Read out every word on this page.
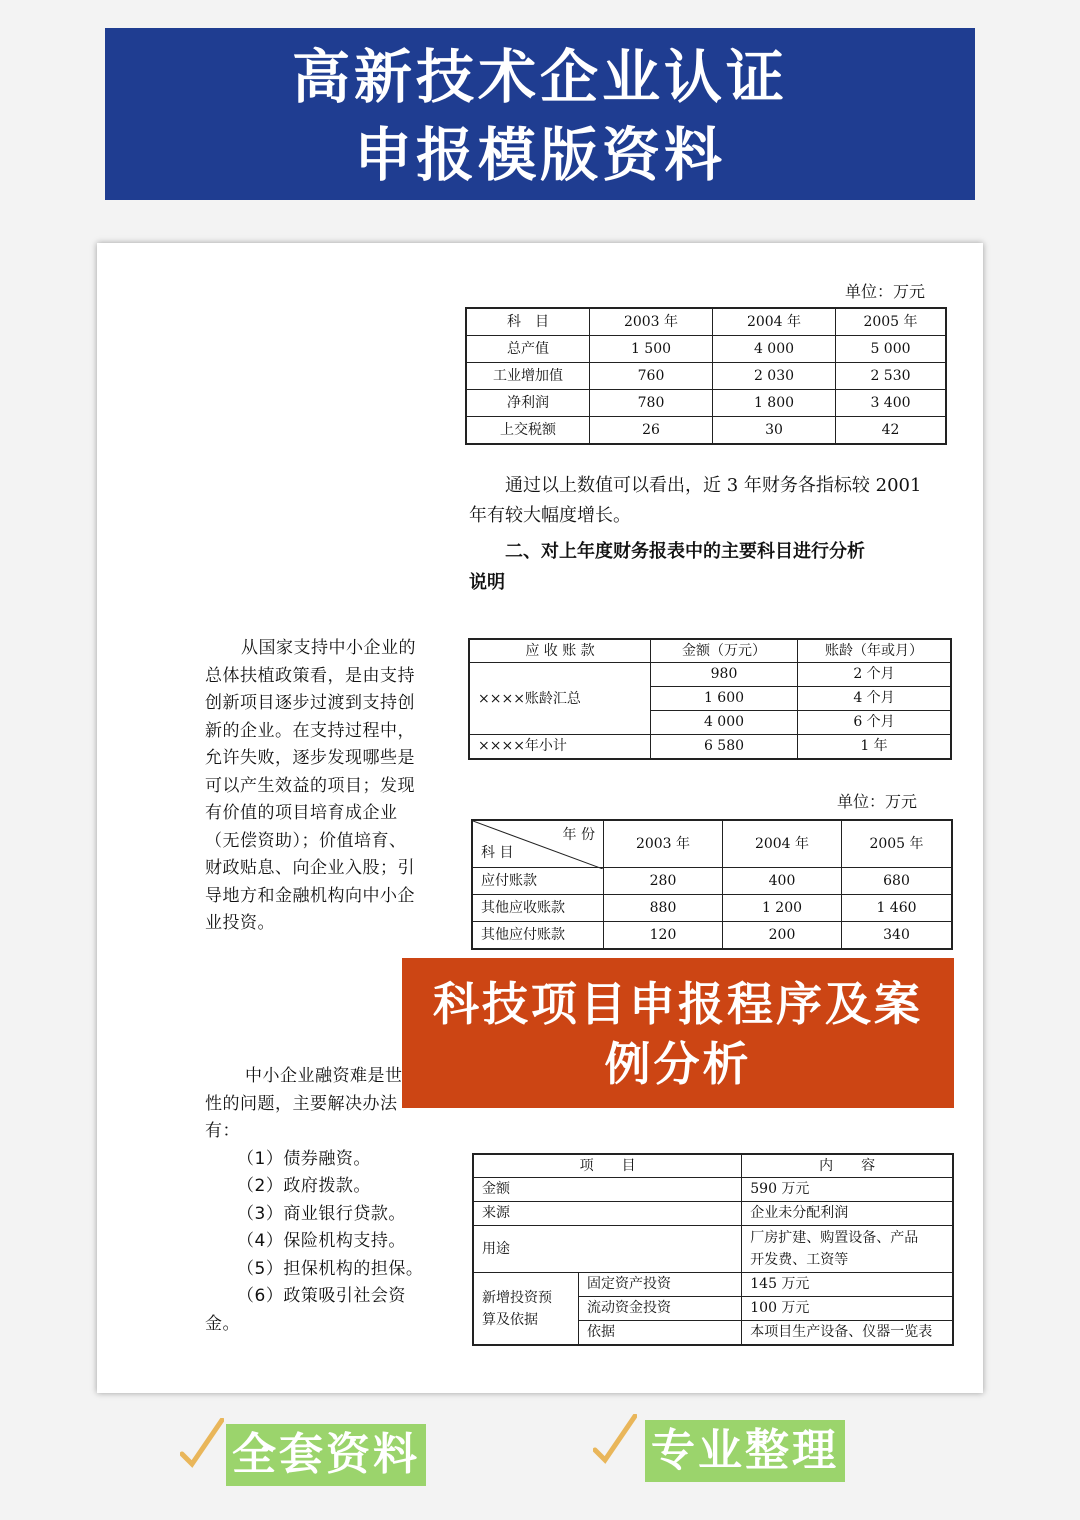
高新技术企业认证
申报模版资料
单位：万元
科　目	2003 年	2004 年	2005 年
总产值	1 500	4 000	5 000
工业增加值	760	2 030	2 530
净利润	780	1 800	3 400
上交税额	26	30	42
通过以上数值可以看出，近 3 年财务各指标较 2001
年有较大幅度增长。
二、对上年度财务报表中的主要科目进行分析
说明
从国家支持中小企业的
总体扶植政策看，是由支持
创新项目逐步过渡到支持创
新的企业。在支持过程中，
允许失败，逐步发现哪些是
可以产生效益的项目；发现
有价值的项目培育成企业
（无偿资助）；价值培育、
财政贴息、向企业入股；引
导地方和金融机构向中小企
业投资。
应 收 账 款	金额（万元）	账龄（年或月）
××××账龄汇总	980	2 个月
	1 600	4 个月
	4 000	6 个月
××××年小计	6 580	1 年
单位：万元
年 份
科 目	2003 年	2004 年	2005 年
应付账款	280	400	680
其他应收账款	880	1 200	1 460
其他应付账款	120	200	340
中小企业融资难是世
性的问题，主要解决办法
有：
（1）债券融资。
（2）政府拨款。
（3）商业银行贷款。
（4）保险机构支持。
（5）担保机构的担保。
（6）政策吸引社会资
金。
项　　目		内　　容
金额		590 万元
来源		企业未分配利润
用途		厂房扩建、购置设备、产品
开发费、工资等

新增投资预
算及依据	固定资产投资	145 万元
	流动资金投资	100 万元
	依据	本项目生产设备、仪器一览表
科技项目申报程序及案
例分析
全套资料	专业整理
